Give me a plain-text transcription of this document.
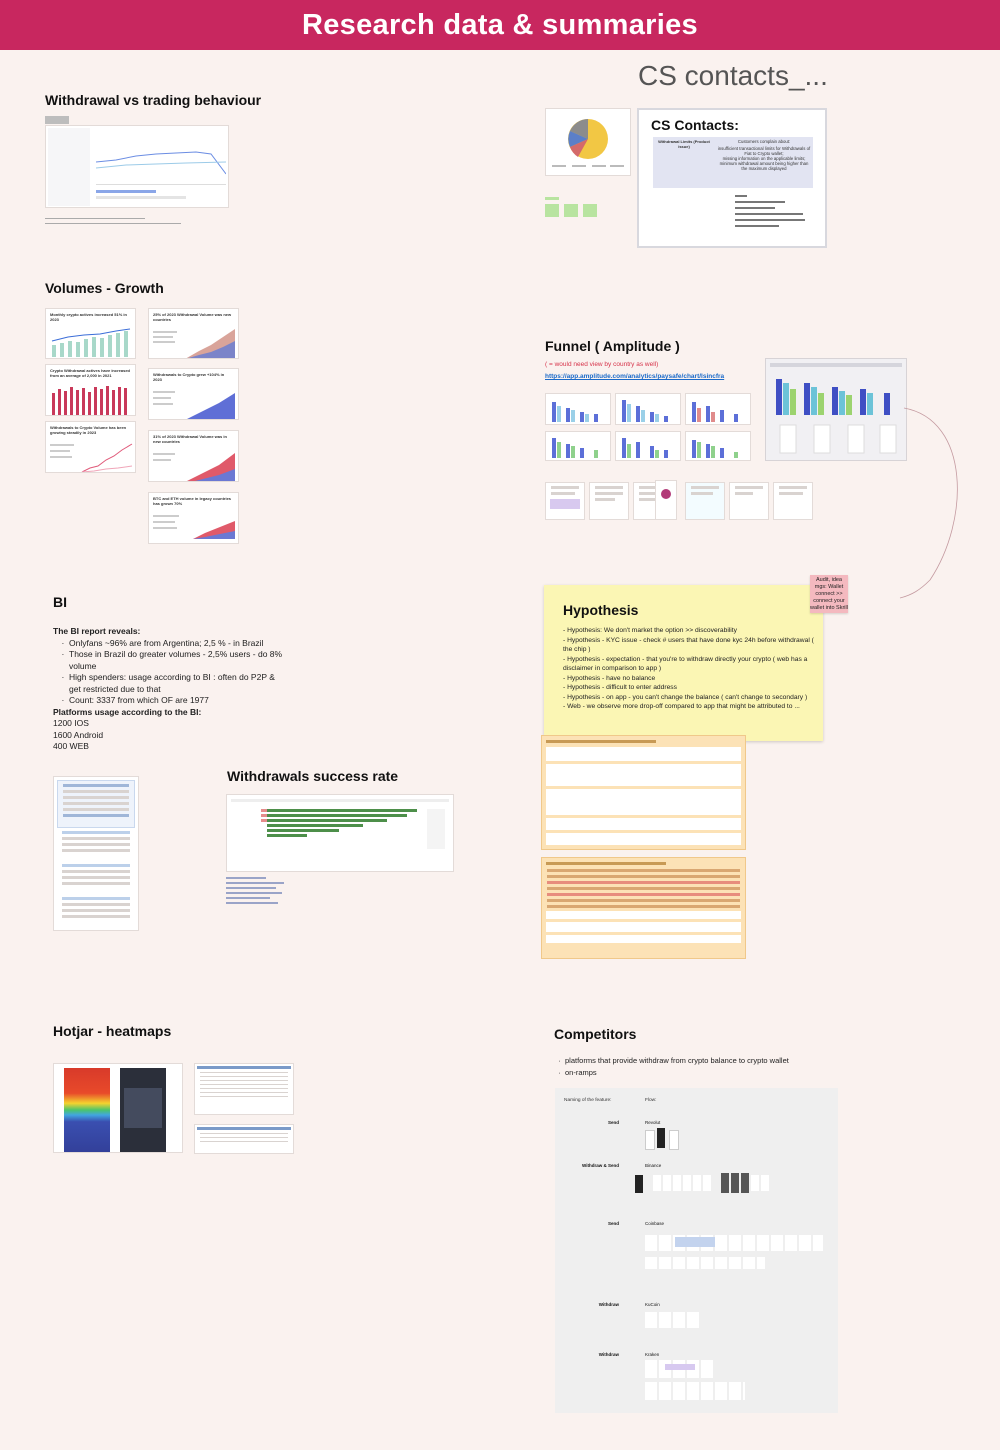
Research data & summaries
Withdrawal vs trading behaviour
Volumes - Growth
Monthly crypto actives increased 51% in 2023
25% of 2023 Withdrawal Volume was new countries
Crypto Withdrawal actives have increased from an average of 2,000 in 2021	Withdrawals to Crypto grew +104% in 2023
Withdrawals to Crypto Volume has been growing steadily in 2023
31% of 2023 Withdrawal Volume was in new countries
BTC and ETH volume in legacy countries has grown 70%
CS contacts_...
CS Contacts:
Withdrawal Limits (Product issue)
Customers complain about:
insufficient transactional limits for Withdrawals of Fiat to Crypto wallet;
missing information on the applicable limits;
minimum withdrawal amount being higher than the maximum displayed
Funnel ( Amplitude )
( = would need view by country as well)
https://app.amplitude.com/analytics/paysafe/chart/lsincfra
BI
The BI report reveals:
· Onlyfans ~96% are from Argentina; 2,5 % - in Brazil
· Those in Brazil do greater volumes - 2,5% users - do 8% volume
· High spenders: usage according to BI : often do P2P & get restricted due to that
· Count: 3337 from which OF are 1977
Platforms usage according to the BI:
1200 IOS
1600 Android
400 WEB
Withdrawals success rate
Hypothesis
- Hypothesis: We don't market the option >> discoverability
- Hypothesis - KYC issue - check # users that have done kyc 24h before withdrawal ( the chip )
- Hypothesis - expectation - that you're to withdraw directly your crypto ( web has a disclaimer in comparison to app )
- Hypothesis - have no balance
- Hypothesis - difficult to enter address
- Hypothesis - on app - you can't change the balance ( can't change to secondary )
- Web - we observe more drop-off compared to app that might be attributed to ...
Audit, idea mgs: Wallet connect >> connect your wallet into Skrill
Hotjar - heatmaps	Competitors
· platforms that provide withdraw from crypto balance to crypto wallet
· on-ramps
Naming of the feature:	Flow:
Send	Revolut
Withdraw & Send	Binance
Send	Coinbase
Withdraw	KuCoin
Withdraw	Kraken
